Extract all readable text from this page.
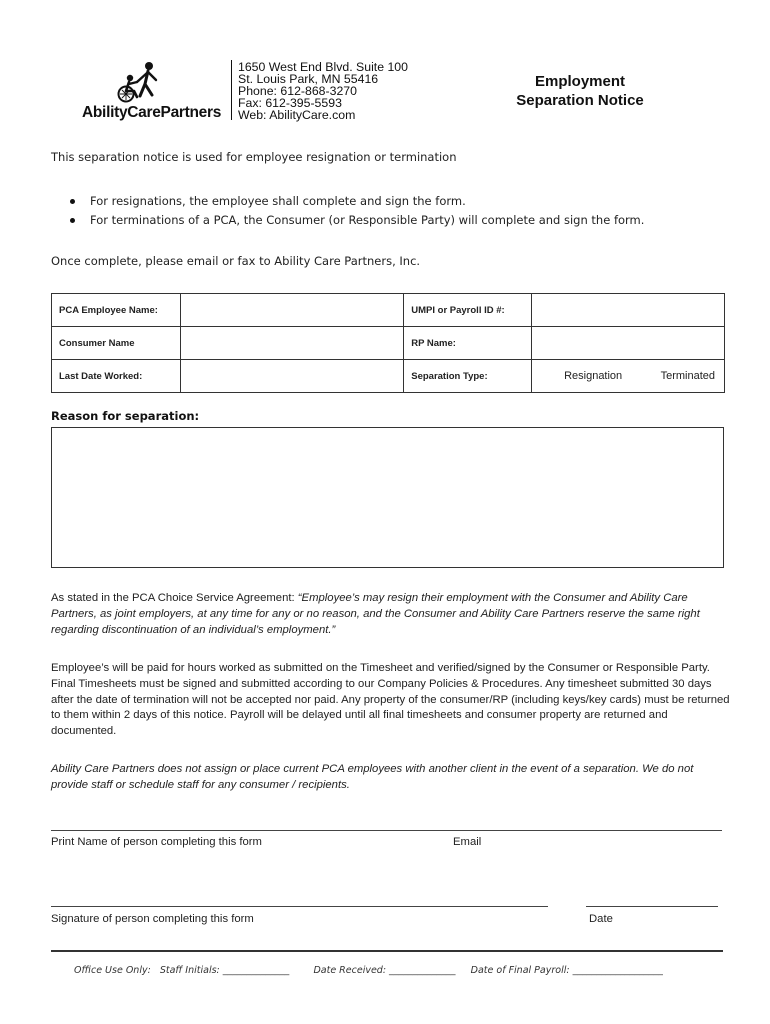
AbilityCarePartners
1650 West End Blvd. Suite 100
St. Louis Park, MN 55416
Phone: 612-868-3270
Fax: 612-395-5593
Web: AbilityCare.com
Employment
Separation Notice
This separation notice is used for employee resignation or termination
For resignations, the employee shall complete and sign the form.
For terminations of a PCA, the Consumer (or Responsible Party) will complete and sign the form.
Once complete, please email or fax to Ability Care Partners, Inc.
PCA Employee Name:		UMPI or Payroll ID #:	
Consumer Name		RP Name:	
Last Date Worked:		Separation Type:	Resignation Terminated
Reason for separation:
As stated in the PCA Choice Service Agreement: “Employee’s may resign their employment with the Consumer and Ability Care Partners, as joint employers, at any time for any or no reason, and the Consumer and Ability Care Partners reserve the same right regarding discontinuation of an individual’s employment.”
Employee’s will be paid for hours worked as submitted on the Timesheet and verified/signed by the Consumer or Responsible Party. Final Timesheets must be signed and submitted according to our Company Policies & Procedures. Any timesheet submitted 30 days after the date of termination will not be accepted nor paid. Any property of the consumer/RP (including keys/key cards) must be returned to them within 2 days of this notice. Payroll will be delayed until all final timesheets and consumer property are returned and documented.
Ability Care Partners does not assign or place current PCA employees with another client in the event of a separation. We do not provide staff or schedule staff for any consumer / recipients.
Print Name of person completing this form	Email
Signature of person completing this form	Date
Office Use Only: Staff Initials: ______________	Date Received: ______________ Date of Final Payroll: ___________________
